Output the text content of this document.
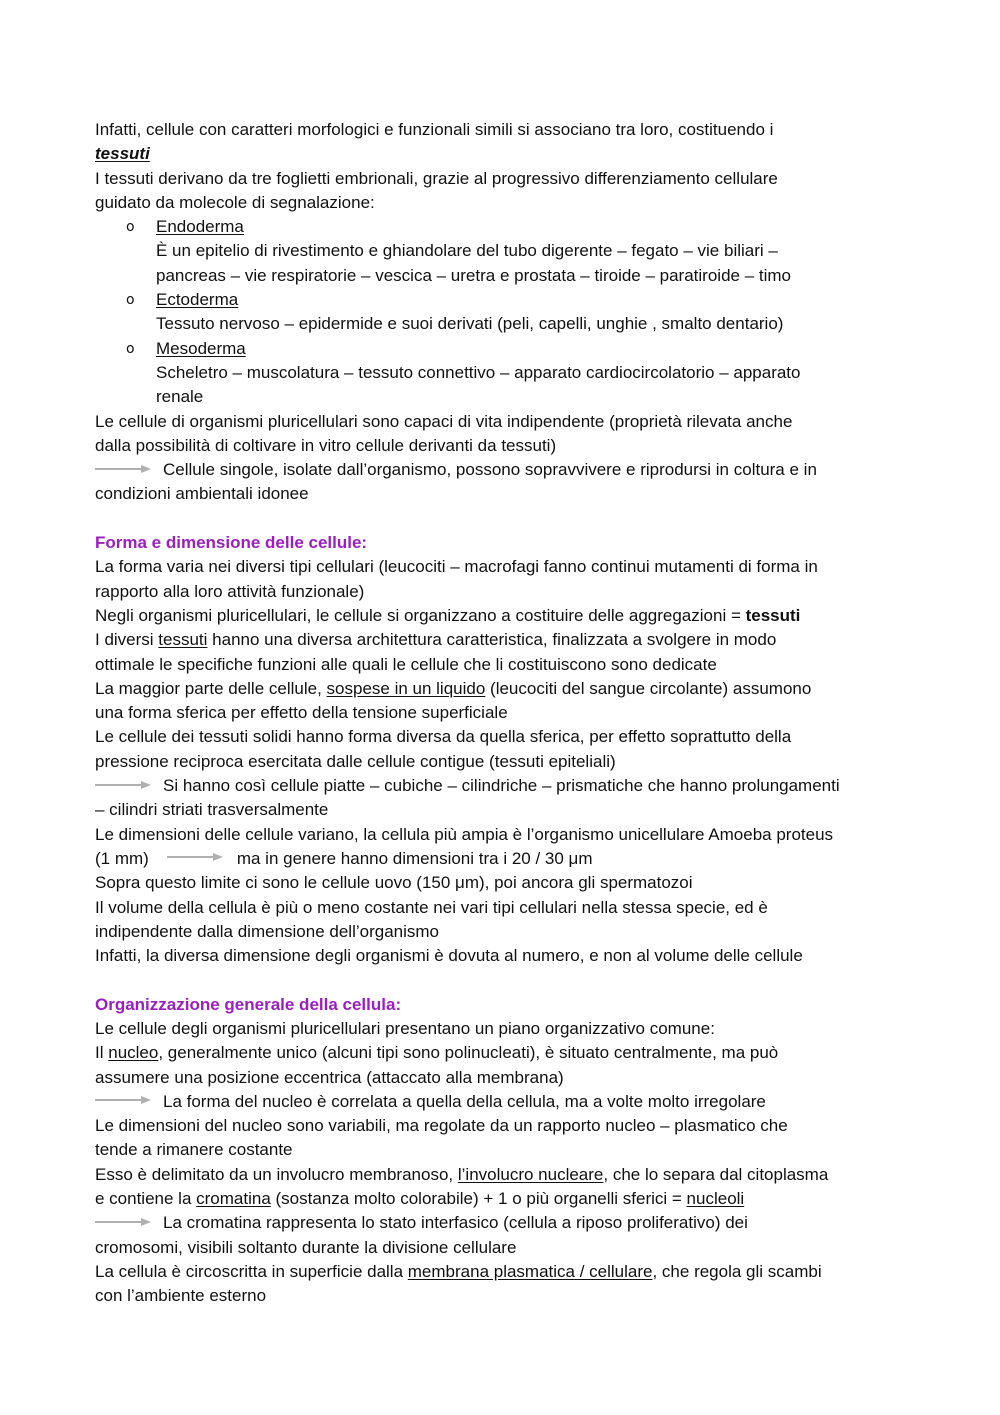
Infatti, cellule con caratteri morfologici e funzionali simili si associano tra loro, costituendo i
tessuti
I tessuti derivano da tre foglietti embrionali, grazie al progressivo differenziamento cellulare
guidato da molecole di segnalazione:
o Endoderma
È un epitelio di rivestimento e ghiandolare del tubo digerente – fegato – vie biliari –
pancreas – vie respiratorie – vescica – uretra e prostata – tiroide – paratiroide – timo
o Ectoderma
Tessuto nervoso – epidermide e suoi derivati (peli, capelli, unghie , smalto dentario)
o Mesoderma
Scheletro – muscolatura – tessuto connettivo – apparato cardiocircolatorio – apparato
renale
Le cellule di organismi pluricellulari sono capaci di vita indipendente (proprietà rilevata anche
dalla possibilità di coltivare in vitro cellule derivanti da tessuti)
Cellule singole, isolate dall’organismo, possono sopravvivere e riprodursi in coltura e in
condizioni ambientali idonee
Forma e dimensione delle cellule:
La forma varia nei diversi tipi cellulari (leucociti – macrofagi fanno continui mutamenti di forma in
rapporto alla loro attività funzionale)
Negli organismi pluricellulari, le cellule si organizzano a costituire delle aggregazioni = tessuti
I diversi tessuti hanno una diversa architettura caratteristica, finalizzata a svolgere in modo
ottimale le specifiche funzioni alle quali le cellule che li costituiscono sono dedicate
La maggior parte delle cellule, sospese in un liquido (leucociti del sangue circolante) assumono
una forma sferica per effetto della tensione superficiale
Le cellule dei tessuti solidi hanno forma diversa da quella sferica, per effetto soprattutto della
pressione reciproca esercitata dalle cellule contigue (tessuti epiteliali)
Si hanno così cellule piatte – cubiche – cilindriche – prismatiche che hanno prolungamenti
– cilindri striati trasversalmente
Le dimensioni delle cellule variano, la cellula più ampia è l’organismo unicellulare Amoeba proteus
(1 mm)	ma in genere hanno dimensioni tra i 20 / 30 μm
Sopra questo limite ci sono le cellule uovo (150 μm), poi ancora gli spermatozoi
Il volume della cellula è più o meno costante nei vari tipi cellulari nella stessa specie, ed è
indipendente dalla dimensione dell’organismo
Infatti, la diversa dimensione degli organismi è dovuta al numero, e non al volume delle cellule
Organizzazione generale della cellula:
Le cellule degli organismi pluricellulari presentano un piano organizzativo comune:
Il nucleo, generalmente unico (alcuni tipi sono polinucleati), è situato centralmente, ma può
assumere una posizione eccentrica (attaccato alla membrana)
La forma del nucleo è correlata a quella della cellula, ma a volte molto irregolare
Le dimensioni del nucleo sono variabili, ma regolate da un rapporto nucleo – plasmatico che
tende a rimanere costante
Esso è delimitato da un involucro membranoso, l’involucro nucleare, che lo separa dal citoplasma
e contiene la cromatina (sostanza molto colorabile) + 1 o più organelli sferici = nucleoli
La cromatina rappresenta lo stato interfasico (cellula a riposo proliferativo) dei
cromosomi, visibili soltanto durante la divisione cellulare
La cellula è circoscritta in superficie dalla membrana plasmatica / cellulare, che regola gli scambi
con l’ambiente esterno
